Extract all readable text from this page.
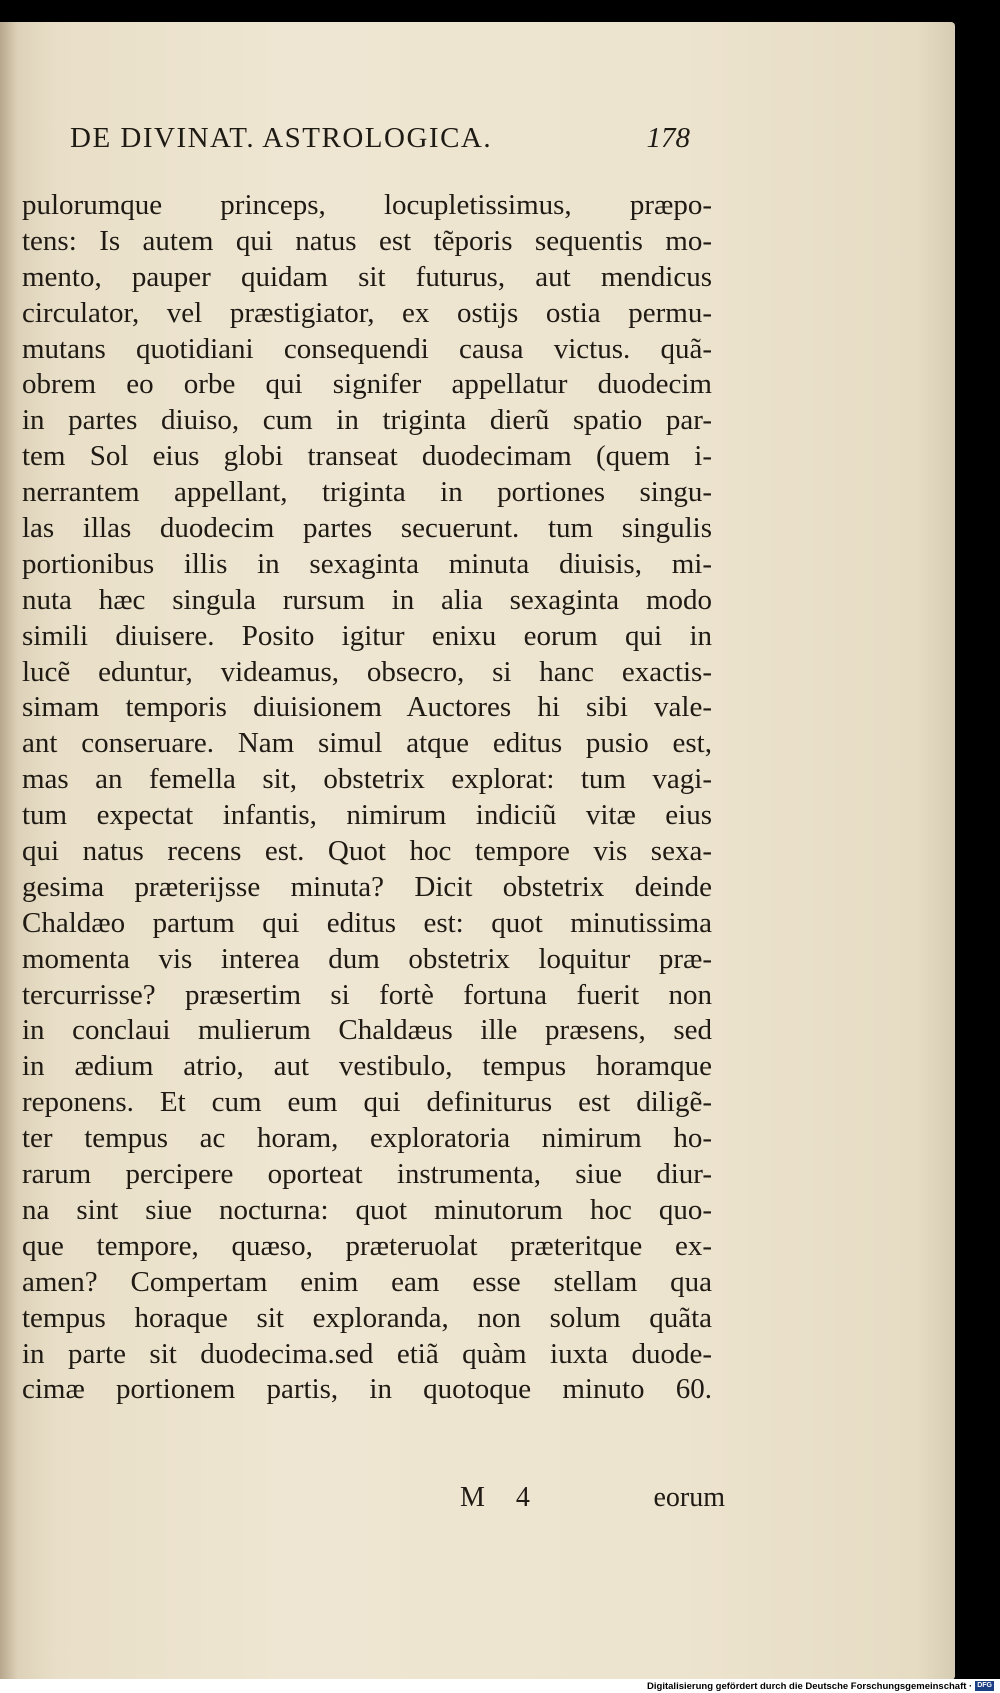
DE DIVINAT. ASTROLOGICA.	178
pulorumque princeps, locupletissimus, præpo-
tens: Is autem qui natus est tẽporis sequentis mo-
mento, pauper quidam sit futurus, aut mendicus
circulator, vel præstigiator, ex ostijs ostia permu-
mutans quotidiani consequendi causa victus. quã-
obrem eo orbe qui signifer appellatur duodecim
in partes diuiso, cum in triginta dierũ spatio par-
tem Sol eius globi transeat duodecimam (quem i-
nerrantem appellant, triginta in portiones singu-
las illas duodecim partes secuerunt. tum singulis
portionibus illis in sexaginta minuta diuisis, mi-
nuta hæc singula rursum in alia sexaginta modo
simili diuisere. Posito igitur enixu eorum qui in
lucẽ eduntur, videamus, obsecro, si hanc exactis-
simam temporis diuisionem Auctores hi sibi vale-
ant conseruare. Nam simul atque editus pusio est,
mas an femella sit, obstetrix explorat: tum vagi-
tum expectat infantis, nimirum indiciũ vitæ eius
qui natus recens est. Quot hoc tempore vis sexa-
gesima præterijsse minuta? Dicit obstetrix deinde
Chaldæo partum qui editus est: quot minutissima
momenta vis interea dum obstetrix loquitur præ-
tercurrisse? præsertim si fortè fortuna fuerit non
in conclaui mulierum Chaldæus ille præsens, sed
in ædium atrio, aut vestibulo, tempus horamque
reponens. Et cum eum qui definiturus est diligẽ-
ter tempus ac horam, exploratoria nimirum ho-
rarum percipere oporteat instrumenta, siue diur-
na sint siue nocturna: quot minutorum hoc quo-
que tempore, quæso, præteruolat præteritque ex-
amen? Compertam enim eam esse stellam qua
tempus horaque sit exploranda, non solum quãta
in parte sit duodecima.sed etiã quàm iuxta duode-
cimæ portionem partis, in quotoque minuto 60.
M 4	eorum
Digitalisierung gefördert durch die Deutsche Forschungsgemeinschaft · DFG
